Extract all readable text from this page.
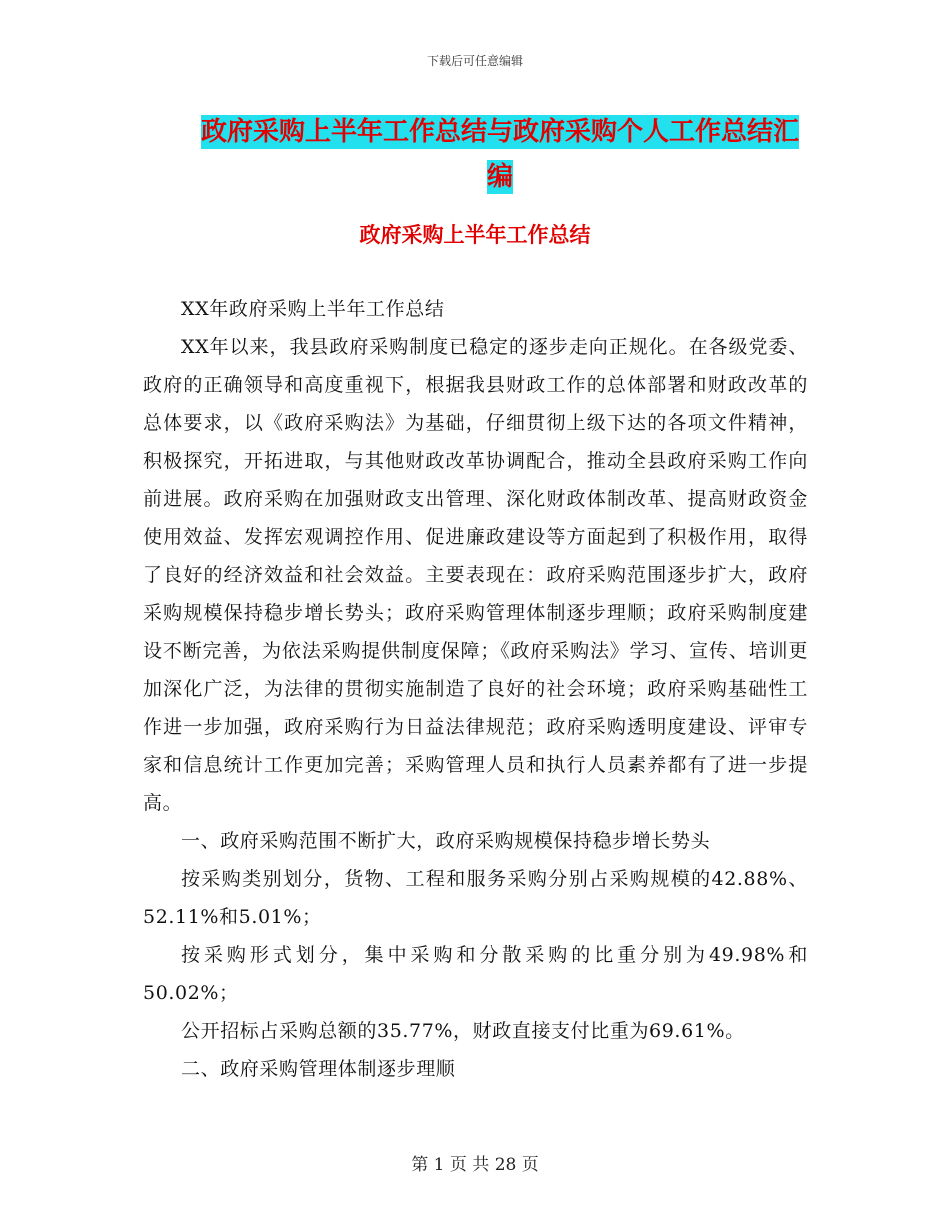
下载后可任意编辑
政府采购上半年工作总结与政府采购个人工作总结汇编
政府采购上半年工作总结

XX年政府采购上半年工作总结

XX年以来，我县政府采购制度已稳定的逐步走向正规化。在各级党委、政府的正确领导和高度重视下，根据我县财政工作的总体部署和财政改革的总体要求，以《政府采购法》为基础，仔细贯彻上级下达的各项文件精神，积极探究，开拓进取，与其他财政改革协调配合，推动全县政府采购工作向前进展。政府采购在加强财政支出管理、深化财政体制改革、提高财政资金使用效益、发挥宏观调控作用、促进廉政建设等方面起到了积极作用，取得了良好的经济效益和社会效益。主要表现在：政府采购范围逐步扩大，政府采购规模保持稳步增长势头；政府采购管理体制逐步理顺；政府采购制度建设不断完善，为依法采购提供制度保障；《政府采购法》学习、宣传、培训更加深化广泛，为法律的贯彻实施制造了良好的社会环境；政府采购基础性工作进一步加强，政府采购行为日益法律规范；政府采购透明度建设、评审专家和信息统计工作更加完善；采购管理人员和执行人员素养都有了进一步提高。

一、政府采购范围不断扩大，政府采购规模保持稳步增长势头

按采购类别划分，货物、工程和服务采购分别占采购规模的42.88%、52.11%和5.01%；

按采购形式划分，集中采购和分散采购的比重分别为49.98%和50.02%；

公开招标占采购总额的35.77%，财政直接支付比重为69.61%。

二、政府采购管理体制逐步理顺

第 1 页 共 28 页
